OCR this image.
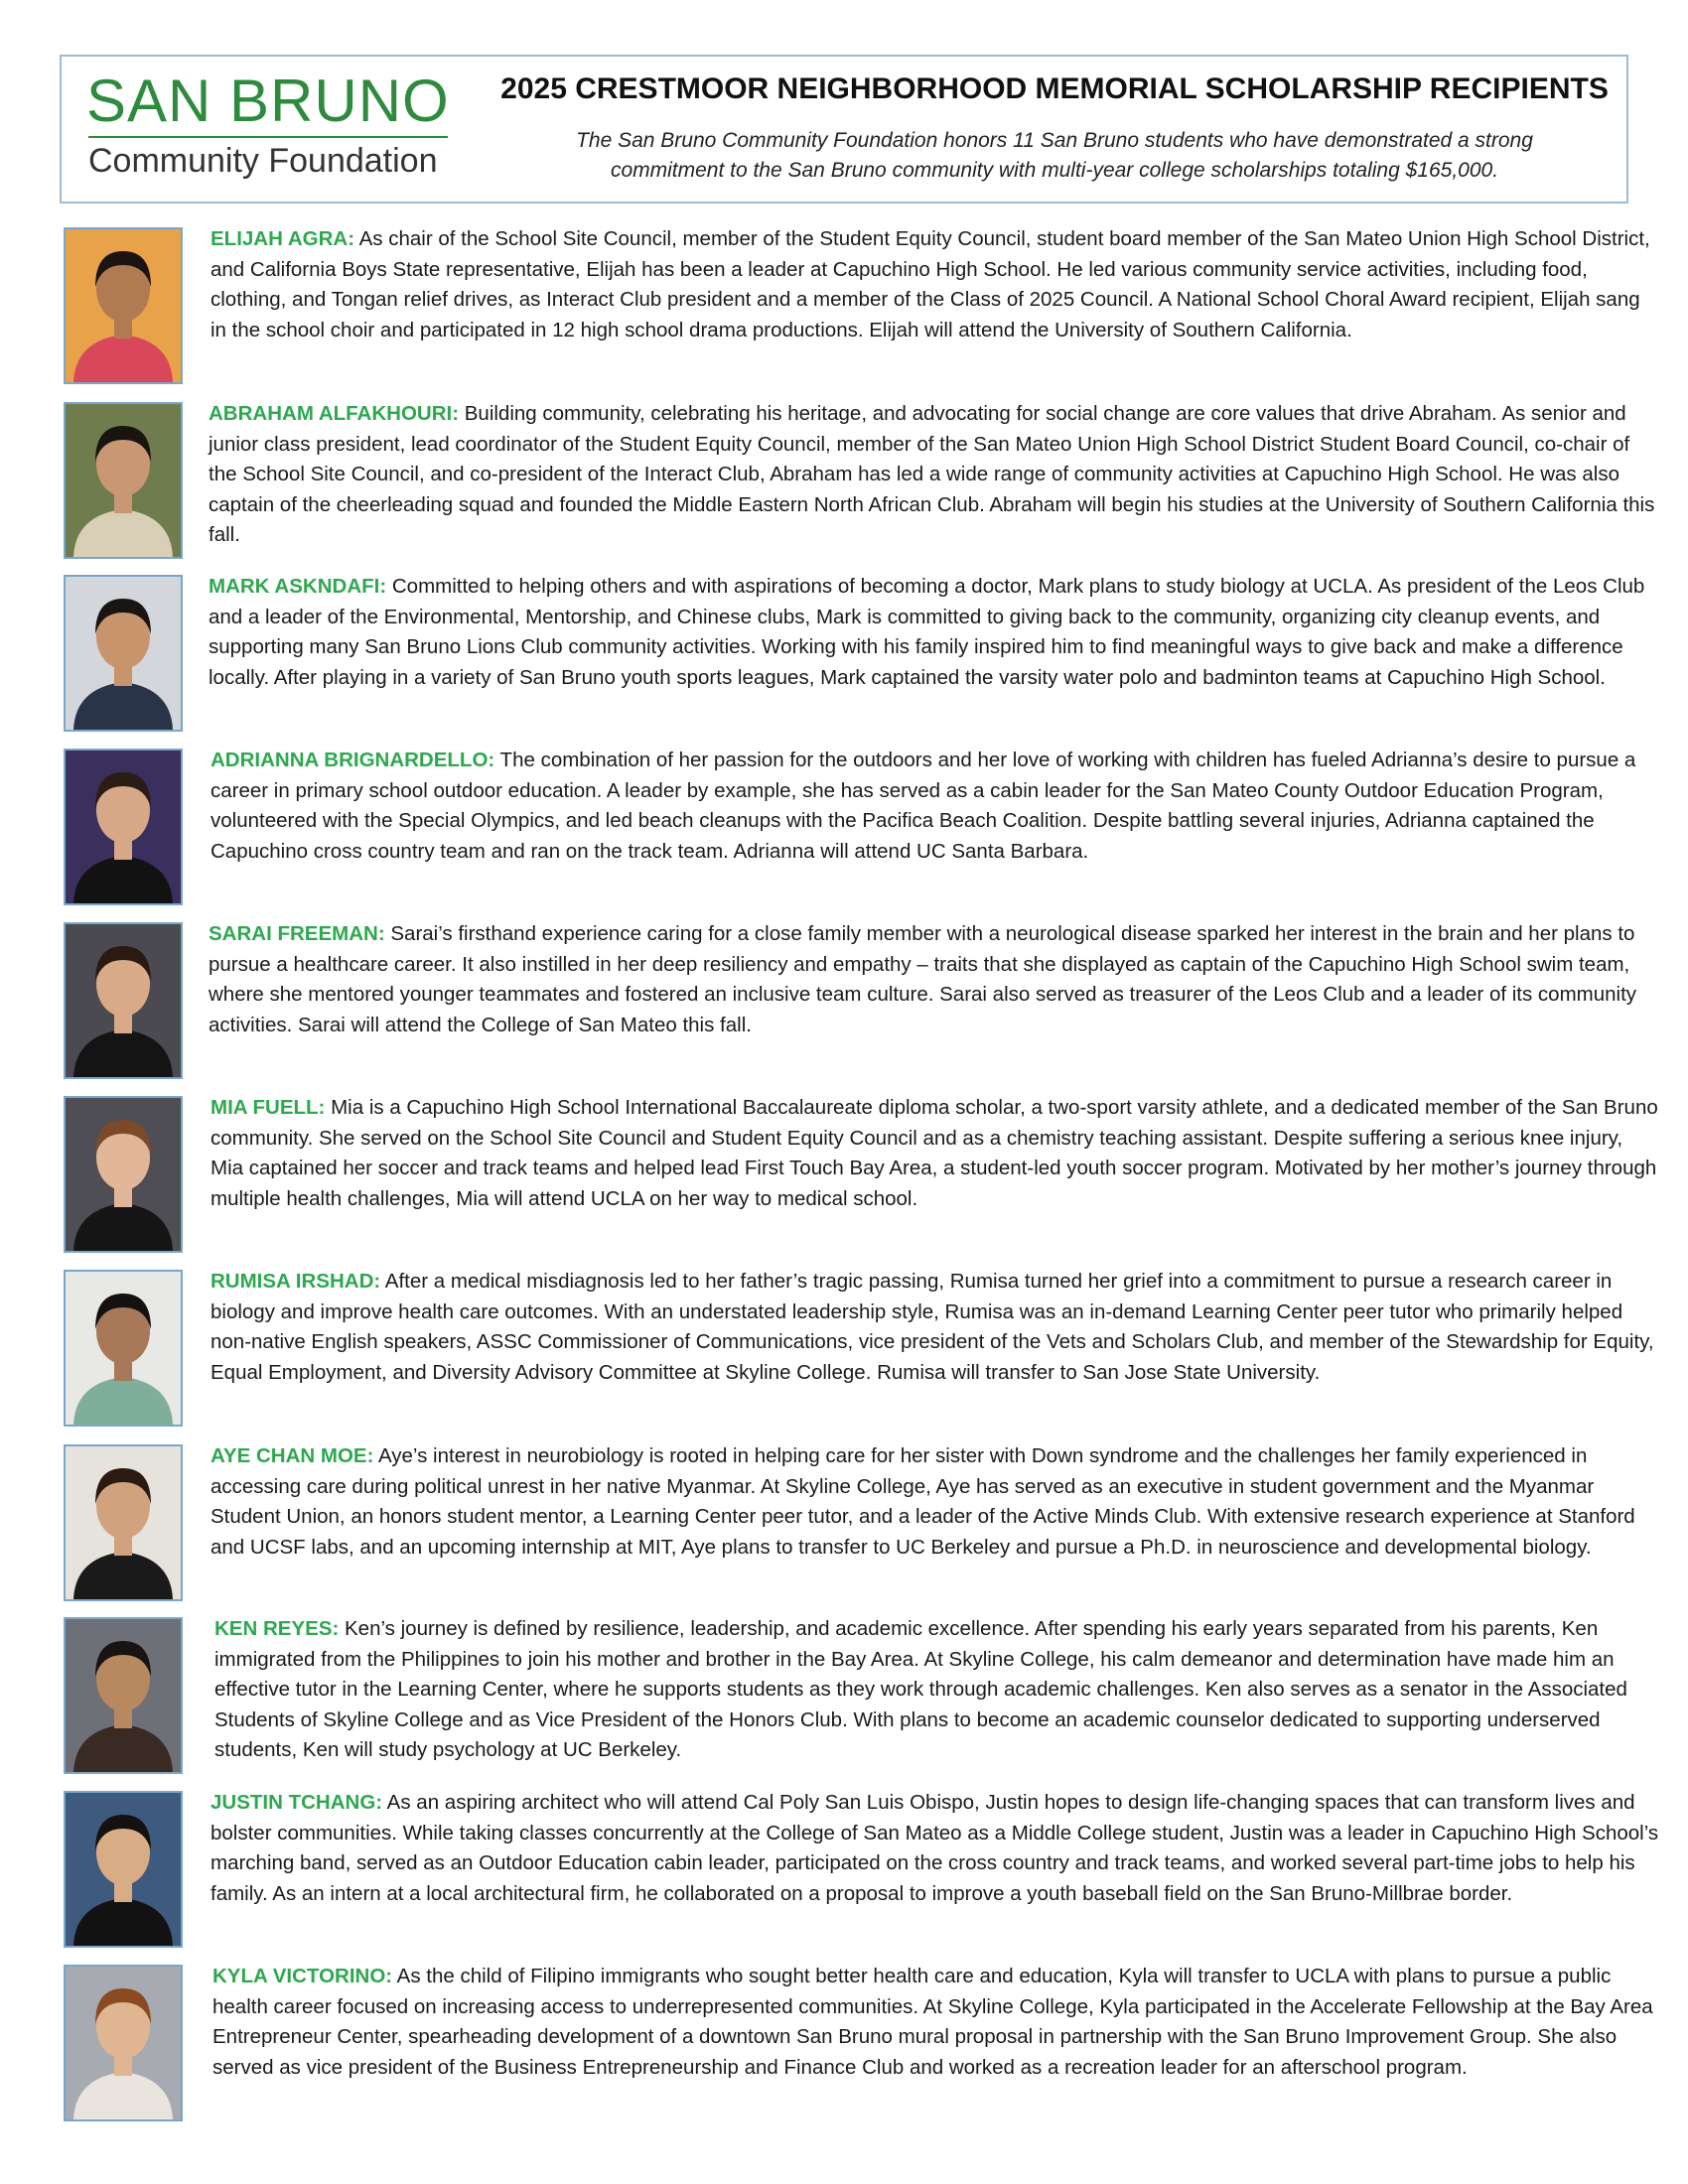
SAN BRUNO
Community Foundation
2025 CRESTMOOR NEIGHBORHOOD MEMORIAL SCHOLARSHIP RECIPIENTS
The San Bruno Community Foundation honors 11 San Bruno students who have demonstrated a strong commitment to the San Bruno community with multi-year college scholarships totaling $165,000.
ELIJAH AGRA: As chair of the School Site Council, member of the Student Equity Council, student board member of the San Mateo Union High School District, and California Boys State representative, Elijah has been a leader at Capuchino High School. He led various community service activities, including food, clothing, and Tongan relief drives, as Interact Club president and a member of the Class of 2025 Council. A National School Choral Award recipient, Elijah sang in the school choir and participated in 12 high school drama productions. Elijah will attend the University of Southern California.
ABRAHAM ALFAKHOURI: Building community, celebrating his heritage, and advocating for social change are core values that drive Abraham. As senior and junior class president, lead coordinator of the Student Equity Council, member of the San Mateo Union High School District Student Board Council, co-chair of the School Site Council, and co-president of the Interact Club, Abraham has led a wide range of community activities at Capuchino High School. He was also captain of the cheerleading squad and founded the Middle Eastern North African Club. Abraham will begin his studies at the University of Southern California this fall.
MARK ASKNDAFI: Committed to helping others and with aspirations of becoming a doctor, Mark plans to study biology at UCLA. As president of the Leos Club and a leader of the Environmental, Mentorship, and Chinese clubs, Mark is committed to giving back to the community, organizing city cleanup events, and supporting many San Bruno Lions Club community activities. Working with his family inspired him to find meaningful ways to give back and make a difference locally. After playing in a variety of San Bruno youth sports leagues, Mark captained the varsity water polo and badminton teams at Capuchino High School.
ADRIANNA BRIGNARDELLO: The combination of her passion for the outdoors and her love of working with children has fueled Adrianna’s desire to pursue a career in primary school outdoor education. A leader by example, she has served as a cabin leader for the San Mateo County Outdoor Education Program, volunteered with the Special Olympics, and led beach cleanups with the Pacifica Beach Coalition. Despite battling several injuries, Adrianna captained the Capuchino cross country team and ran on the track team. Adrianna will attend UC Santa Barbara.
SARAI FREEMAN: Sarai’s firsthand experience caring for a close family member with a neurological disease sparked her interest in the brain and her plans to pursue a healthcare career. It also instilled in her deep resiliency and empathy – traits that she displayed as captain of the Capuchino High School swim team, where she mentored younger teammates and fostered an inclusive team culture. Sarai also served as treasurer of the Leos Club and a leader of its community activities. Sarai will attend the College of San Mateo this fall.
MIA FUELL: Mia is a Capuchino High School International Baccalaureate diploma scholar, a two-sport varsity athlete, and a dedicated member of the San Bruno community. She served on the School Site Council and Student Equity Council and as a chemistry teaching assistant. Despite suffering a serious knee injury, Mia captained her soccer and track teams and helped lead First Touch Bay Area, a student-led youth soccer program. Motivated by her mother’s journey through multiple health challenges, Mia will attend UCLA on her way to medical school.
RUMISA IRSHAD: After a medical misdiagnosis led to her father’s tragic passing, Rumisa turned her grief into a commitment to pursue a research career in biology and improve health care outcomes. With an understated leadership style, Rumisa was an in-demand Learning Center peer tutor who primarily helped non-native English speakers, ASSC Commissioner of Communications, vice president of the Vets and Scholars Club, and member of the Stewardship for Equity, Equal Employment, and Diversity Advisory Committee at Skyline College. Rumisa will transfer to San Jose State University.
AYE CHAN MOE: Aye’s interest in neurobiology is rooted in helping care for her sister with Down syndrome and the challenges her family experienced in accessing care during political unrest in her native Myanmar. At Skyline College, Aye has served as an executive in student government and the Myanmar Student Union, an honors student mentor, a Learning Center peer tutor, and a leader of the Active Minds Club. With extensive research experience at Stanford and UCSF labs, and an upcoming internship at MIT, Aye plans to transfer to UC Berkeley and pursue a Ph.D. in neuroscience and developmental biology.
KEN REYES: Ken’s journey is defined by resilience, leadership, and academic excellence. After spending his early years separated from his parents, Ken immigrated from the Philippines to join his mother and brother in the Bay Area. At Skyline College, his calm demeanor and determination have made him an effective tutor in the Learning Center, where he supports students as they work through academic challenges. Ken also serves as a senator in the Associated Students of Skyline College and as Vice President of the Honors Club. With plans to become an academic counselor dedicated to supporting underserved students, Ken will study psychology at UC Berkeley.
JUSTIN TCHANG: As an aspiring architect who will attend Cal Poly San Luis Obispo, Justin hopes to design life-changing spaces that can transform lives and bolster communities. While taking classes concurrently at the College of San Mateo as a Middle College student, Justin was a leader in Capuchino High School’s marching band, served as an Outdoor Education cabin leader, participated on the cross country and track teams, and worked several part-time jobs to help his family. As an intern at a local architectural firm, he collaborated on a proposal to improve a youth baseball field on the San Bruno-Millbrae border.
KYLA VICTORINO: As the child of Filipino immigrants who sought better health care and education, Kyla will transfer to UCLA with plans to pursue a public health career focused on increasing access to underrepresented communities. At Skyline College, Kyla participated in the Accelerate Fellowship at the Bay Area Entrepreneur Center, spearheading development of a downtown San Bruno mural proposal in partnership with the San Bruno Improvement Group. She also served as vice president of the Business Entrepreneurship and Finance Club and worked as a recreation leader for an afterschool program.
